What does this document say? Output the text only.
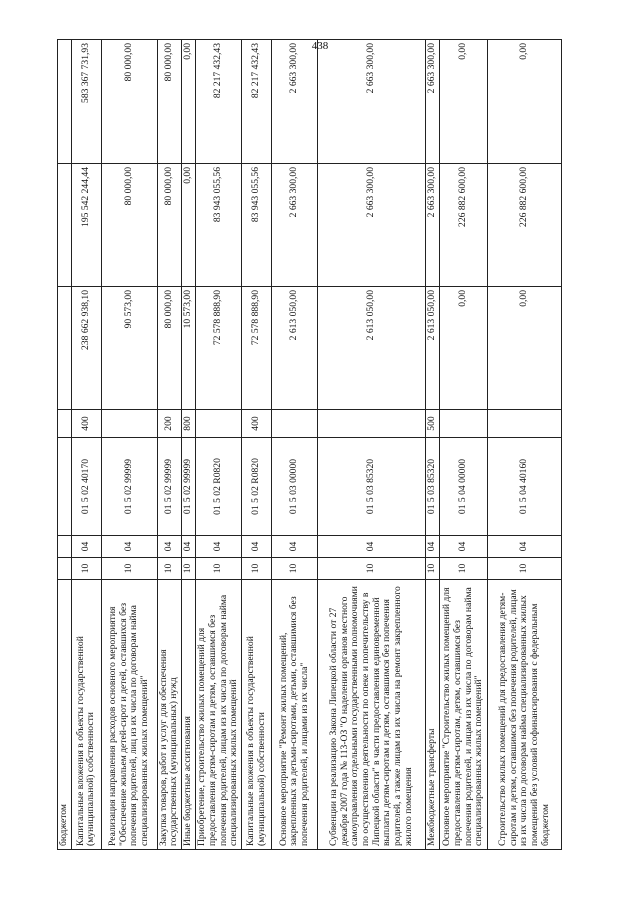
438
бюджетом							
Капитальные вложения в объекты государственной (муниципальной) собственности	10	04	01 5 02 40170	400	238 662 938,10	195 542 244,44	583 367 731,93
Реализация направления расходов основного мероприятия "Обеспечение жильем детей-сирот и детей, оставшихся без попечения родителей, лиц из их числа по договорам найма специализированных жилых помещений"	10	04	01 5 02 99999		90 573,00	80 000,00	80 000,00
Закупка товаров, работ и услуг для обеспечения государственных (муниципальных) нужд	10	04	01 5 02 99999	200	80 000,00	80 000,00	80 000,00
Иные бюджетные ассигнования	10	04	01 5 02 99999	800	10 573,00	0,00	0,00
Приобретение, строительство жилых помещений для предоставления детям-сиротам и детям, оставшимся без попечения родителей, лицам из их числа по договорам найма специализированных жилых помещений	10	04	01 5 02 R0820		72 578 888,90	83 943 055,56	82 217 432,43
Капитальные вложения в объекты государственной (муниципальной) собственности	10	04	01 5 02 R0820	400	72 578 888,90	83 943 055,56	82 217 432,43
Основное мероприятие "Ремонт жилых помещений, закрепленных за детьми-сиротами, детьми, оставшимися без попечения родителей, и лицами из их числа"	10	04	01 5 03 00000		2 613 050,00	2 663 300,00	2 663 300,00
Субвенции на реализацию Закона Липецкой области от 27 декабря 2007 года № 113-ОЗ "О наделении органов местного самоуправления отдельными государственными полномочиями по осуществлению деятельности по опеке и попечительству в Липецкой области" в части предоставления единовременной выплаты детям-сиротам и детям, оставшимся без попечения родителей, а также лицам из их числа на ремонт закрепленного жилого помещения	10	04	01 5 03 85320		2 613 050,00	2 663 300,00	2 663 300,00
Межбюджетные трансферты	10	04	01 5 03 85320	500	2 613 050,00	2 663 300,00	2 663 300,00
Основное мероприятие "Строительство жилых помещений для предоставления детям-сиротам, детям, оставшимся без попечения родителей, и лицам из их числа по договорам найма специализированных жилых помещений"	10	04	01 5 04 00000		0,00	226 882 600,00	0,00
Строительство жилых помещений для предоставления детям-сиротам и детям, оставшимся без попечения родителей, лицам из их числа по договорам найма специализированных жилых помещений без условий софинансирования с федеральным бюджетом	10	04	01 5 04 40160		0,00	226 882 600,00	0,00
